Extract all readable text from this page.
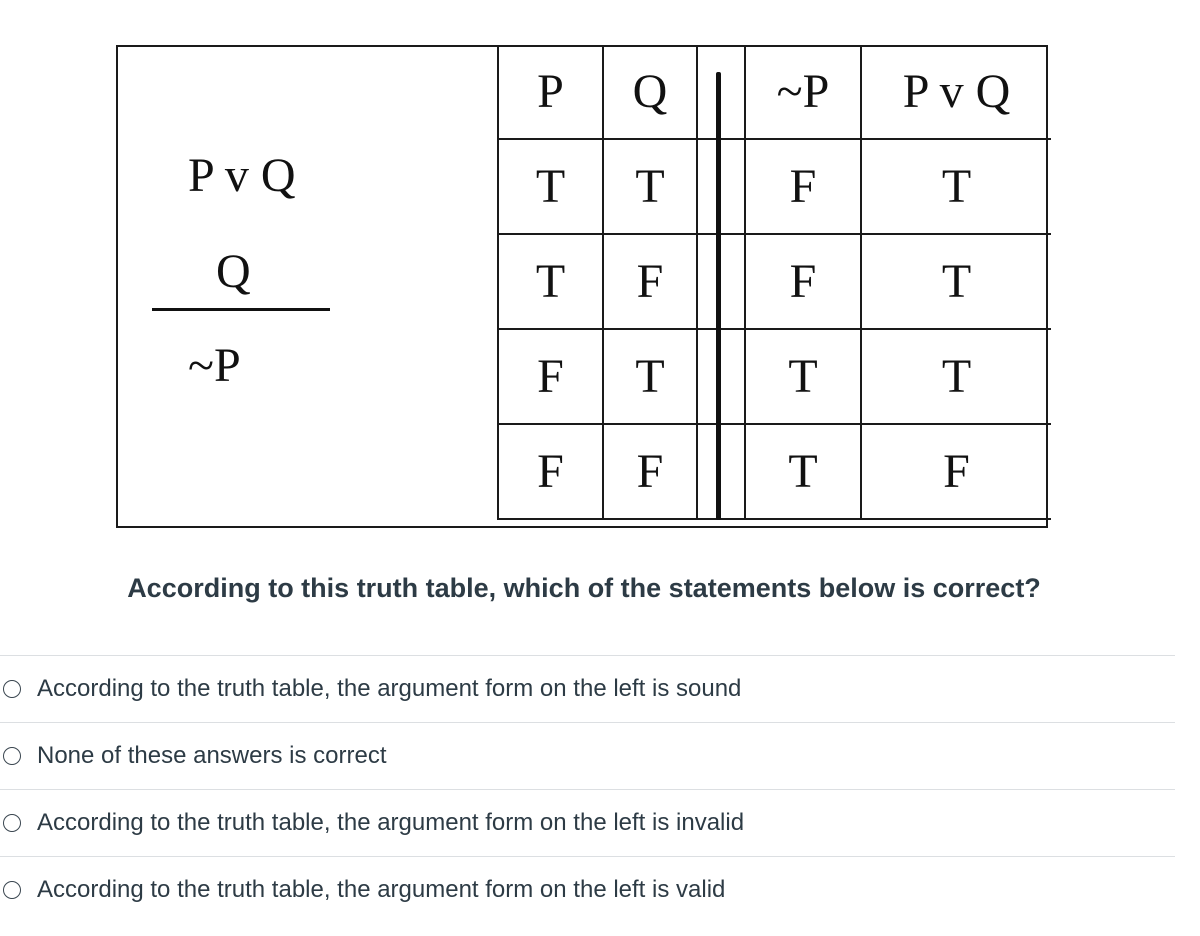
P v Q
Q
~P
P	Q		~P	P v Q
T	T		F	T
T	F		F	T
F	T		T	T
F	F		T	F
According to this truth table, which of the statements below is correct?
According to the truth table, the argument form on the left is sound
None of these answers is correct
According to the truth table, the argument form on the left is invalid
According to the truth table, the argument form on the left is valid
